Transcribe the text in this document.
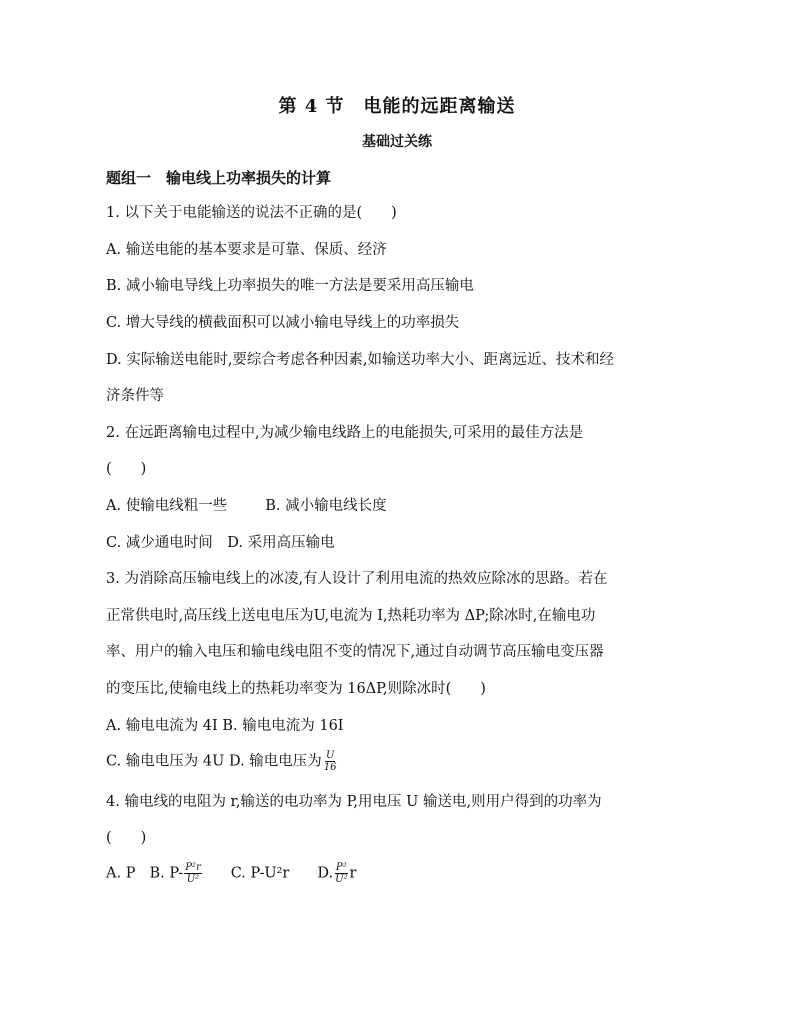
第 4 节　电能的远距离输送
基础过关练
题组一　输电线上功率损失的计算
1. 以下关于电能输送的说法不正确的是(　　)
A. 输送电能的基本要求是可靠、保质、经济
B. 减小输电导线上功率损失的唯一方法是要采用高压输电
C. 增大导线的横截面积可以减小输电导线上的功率损失
D. 实际输送电能时,要综合考虑各种因素,如输送功率大小、距离远近、技术和经
济条件等
2. 在远距离输电过程中,为减少输电线路上的电能损失,可采用的最佳方法是
(　　)
A. 使输电线粗一些	B. 减小输电线长度
C. 减少通电时间　D. 采用高压输电
3. 为消除高压输电线上的冰凌,有人设计了利用电流的热效应除冰的思路。若在
正常供电时,高压线上送电电压为U,电流为 I,热耗功率为 ΔP;除冰时,在输电功
率、用户的输入电压和输电线电阻不变的情况下,通过自动调节高压输电变压器
的变压比,使输电线上的热耗功率变为 16ΔP,则除冰时(　　)
A. 输电电流为 4I B. 输电电流为 16I
C. 输电电压为 4U D. 输电电压为 $\frac{U}{16}$
4. 输电线的电阻为 r,输送的电功率为 P,用电压 U 输送电,则用户得到的功率为
(　　)
A. P B. $P- \frac{\text{P²r}}{\text{U²}} C$. P-U²r D. $\frac{\text{P²}}{\text{U²}}$ r
